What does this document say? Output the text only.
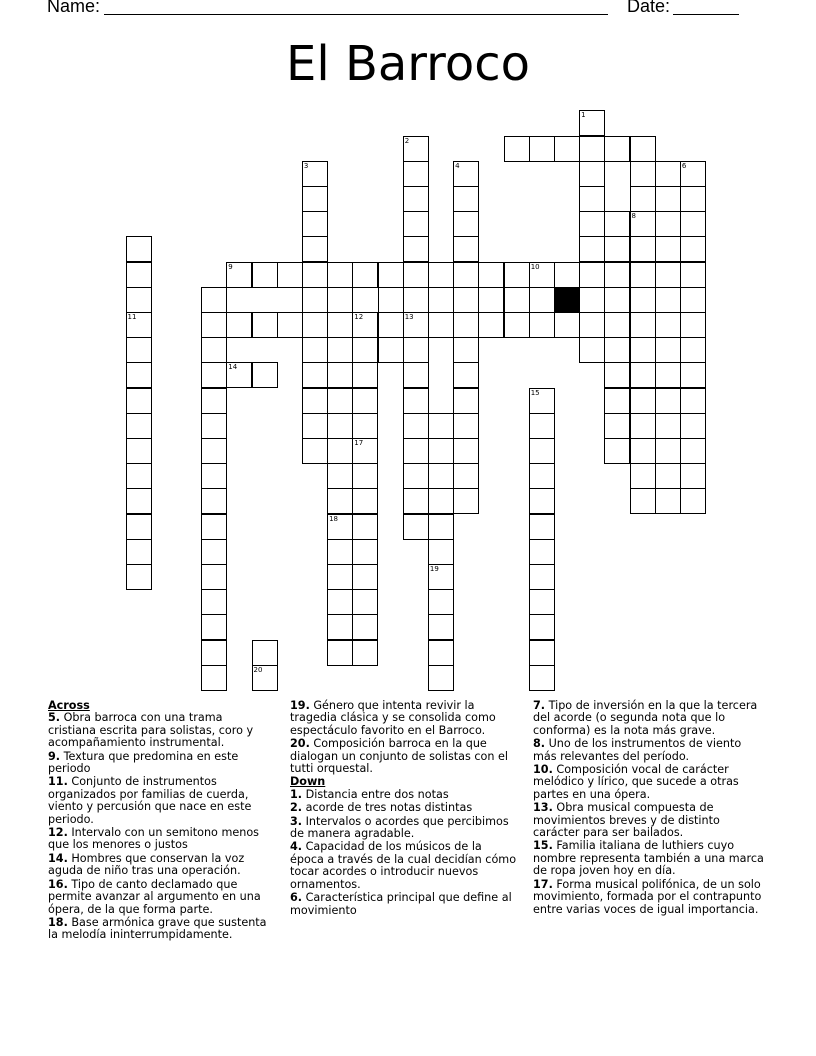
Name:	Date:
El Barroco
1
2
13
3	4
8
11	12
17
19
15
18
6
9	10
20
14
Across
5. Obra barroca con una trama cristiana escrita para solistas, coro y acompañamiento instrumental.
9. Textura que predomina en este periodo
11. Conjunto de instrumentos organizados por familias de cuerda, viento y percusión que nace en este periodo.
12. Intervalo con un semitono menos que los menores o justos
14. Hombres que conservan la voz aguda de niño tras una operación.
16. Tipo de canto declamado que permite avanzar al argumento en una ópera, de la que forma parte.
18. Base armónica grave que sustenta la melodía ininterrumpidamente.
19. Género que intenta revivir la tragedia clásica y se consolida como espectáculo favorito en el Barroco.
20. Composición barroca en la que dialogan un conjunto de solistas con el tutti orquestal.
Down
1. Distancia entre dos notas
2. acorde de tres notas distintas
3. Intervalos o acordes que percibimos de manera agradable.
4. Capacidad de los músicos de la época a través de la cual decidían cómo tocar acordes o introducir nuevos ornamentos.
6. Característica principal que define al movimiento
7. Tipo de inversión en la que la tercera del acorde (o segunda nota que lo conforma) es la nota más grave.
8. Uno de los instrumentos de viento más relevantes del período.
10. Composición vocal de carácter melódico y lírico, que sucede a otras partes en una ópera.
13. Obra musical compuesta de movimientos breves y de distinto carácter para ser bailados.
15. Familia italiana de luthiers cuyo nombre representa también a una marca de ropa joven hoy en día.
17. Forma musical polifónica, de un solo movimiento, formada por el contrapunto entre varias voces de igual importancia.
